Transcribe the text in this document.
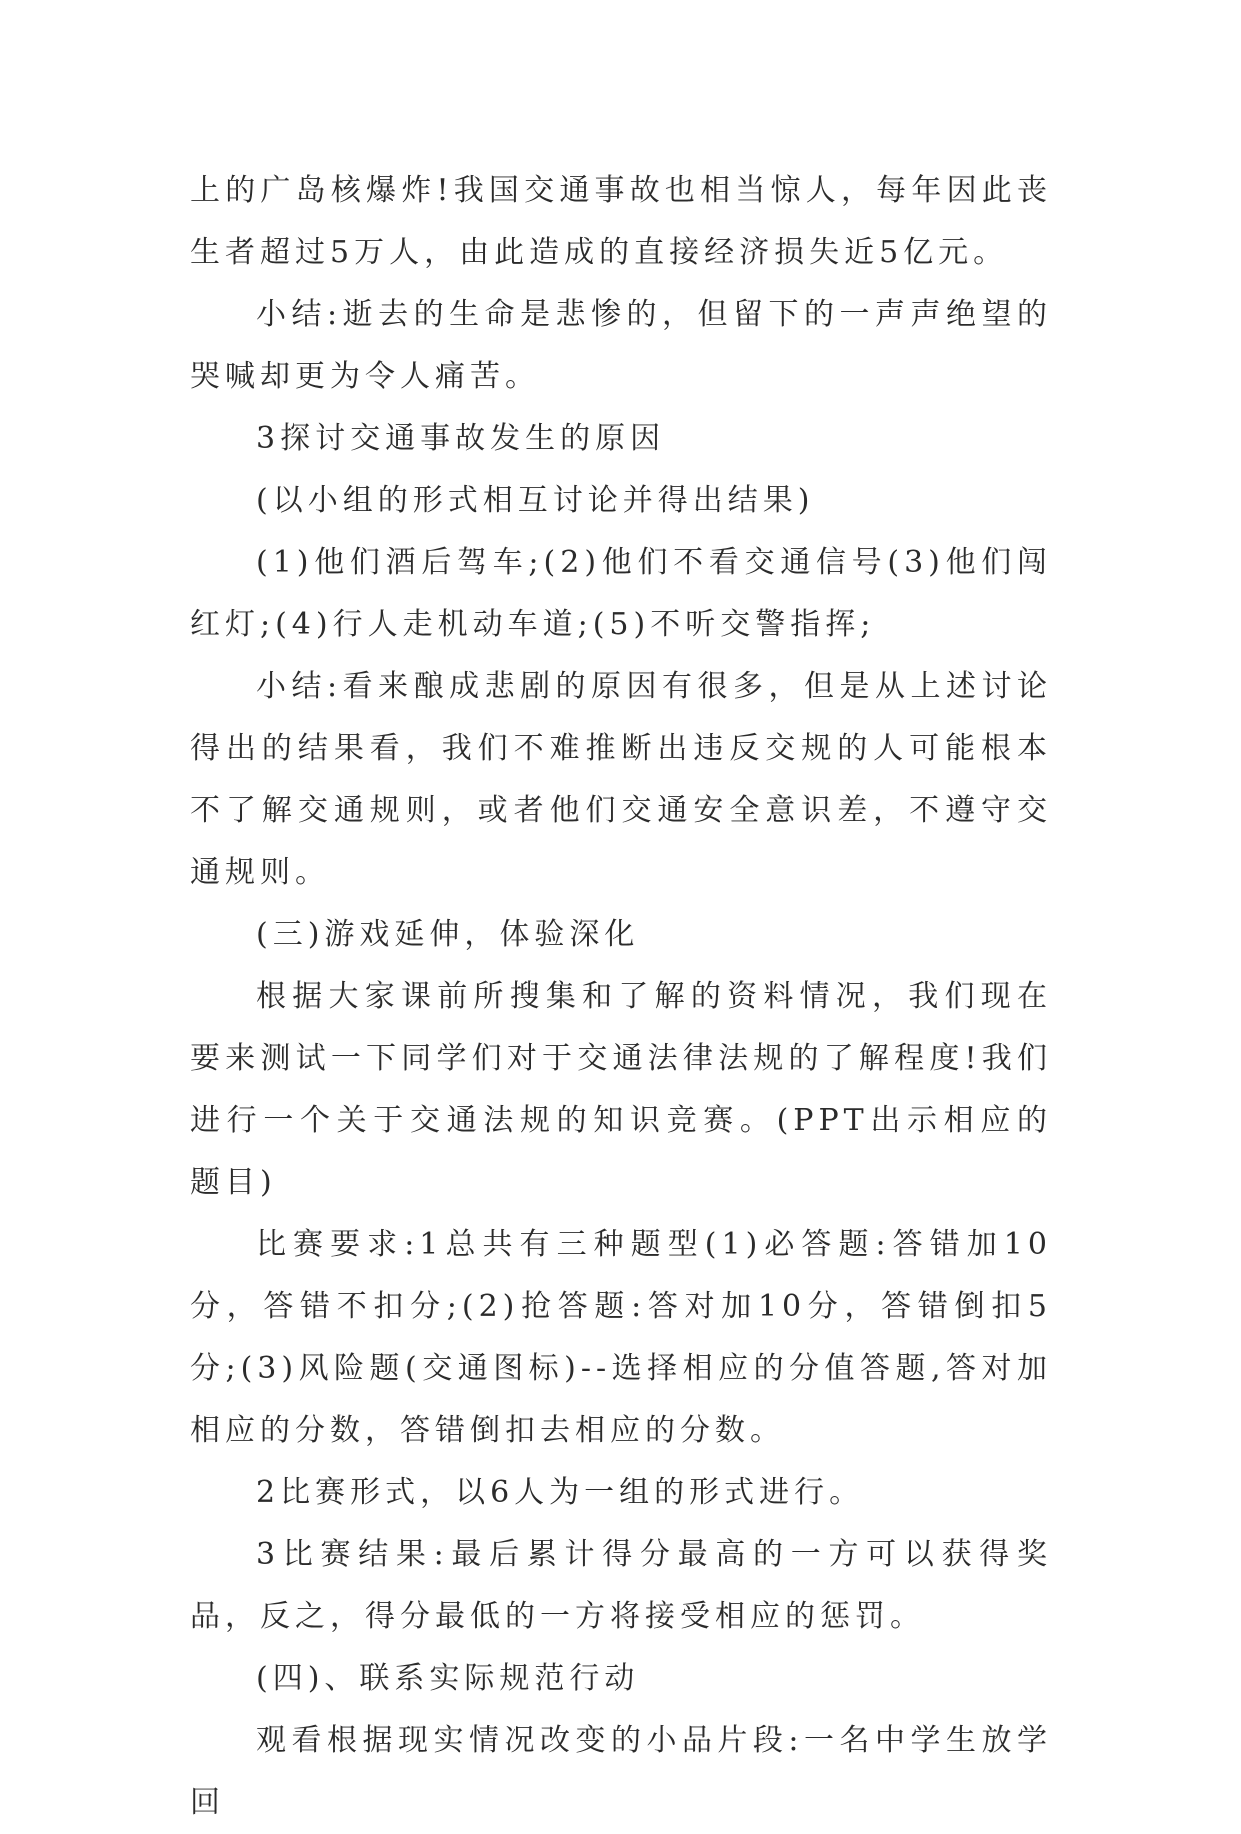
上的广岛核爆炸!我国交通事故也相当惊人，每年因此丧生者超过5万人，由此造成的直接经济损失近5亿元。

小结:逝去的生命是悲惨的，但留下的一声声绝望的哭喊却更为令人痛苦。

3探讨交通事故发生的原因

(以小组的形式相互讨论并得出结果)

(1)他们酒后驾车;(2)他们不看交通信号(3)他们闯红灯;(4)行人走机动车道;(5)不听交警指挥;

小结:看来酿成悲剧的原因有很多，但是从上述讨论得出的结果看，我们不难推断出违反交规的人可能根本不了解交通规则，或者他们交通安全意识差，不遵守交通规则。

(三)游戏延伸，体验深化

根据大家课前所搜集和了解的资料情况，我们现在要来测试一下同学们对于交通法律法规的了解程度!我们进行一个关于交通法规的知识竞赛。(PPT出示相应的题目)

比赛要求:1总共有三种题型(1)必答题:答错加10分，答错不扣分;(2)抢答题:答对加10分，答错倒扣5分;(3)风险题(交通图标)--选择相应的分值答题,答对加相应的分数，答错倒扣去相应的分数。

2比赛形式，以6人为一组的形式进行。

3比赛结果:最后累计得分最高的一方可以获得奖品，反之，得分最低的一方将接受相应的惩罚。

(四)、联系实际规范行动

观看根据现实情况改变的小品片段:一名中学生放学回
